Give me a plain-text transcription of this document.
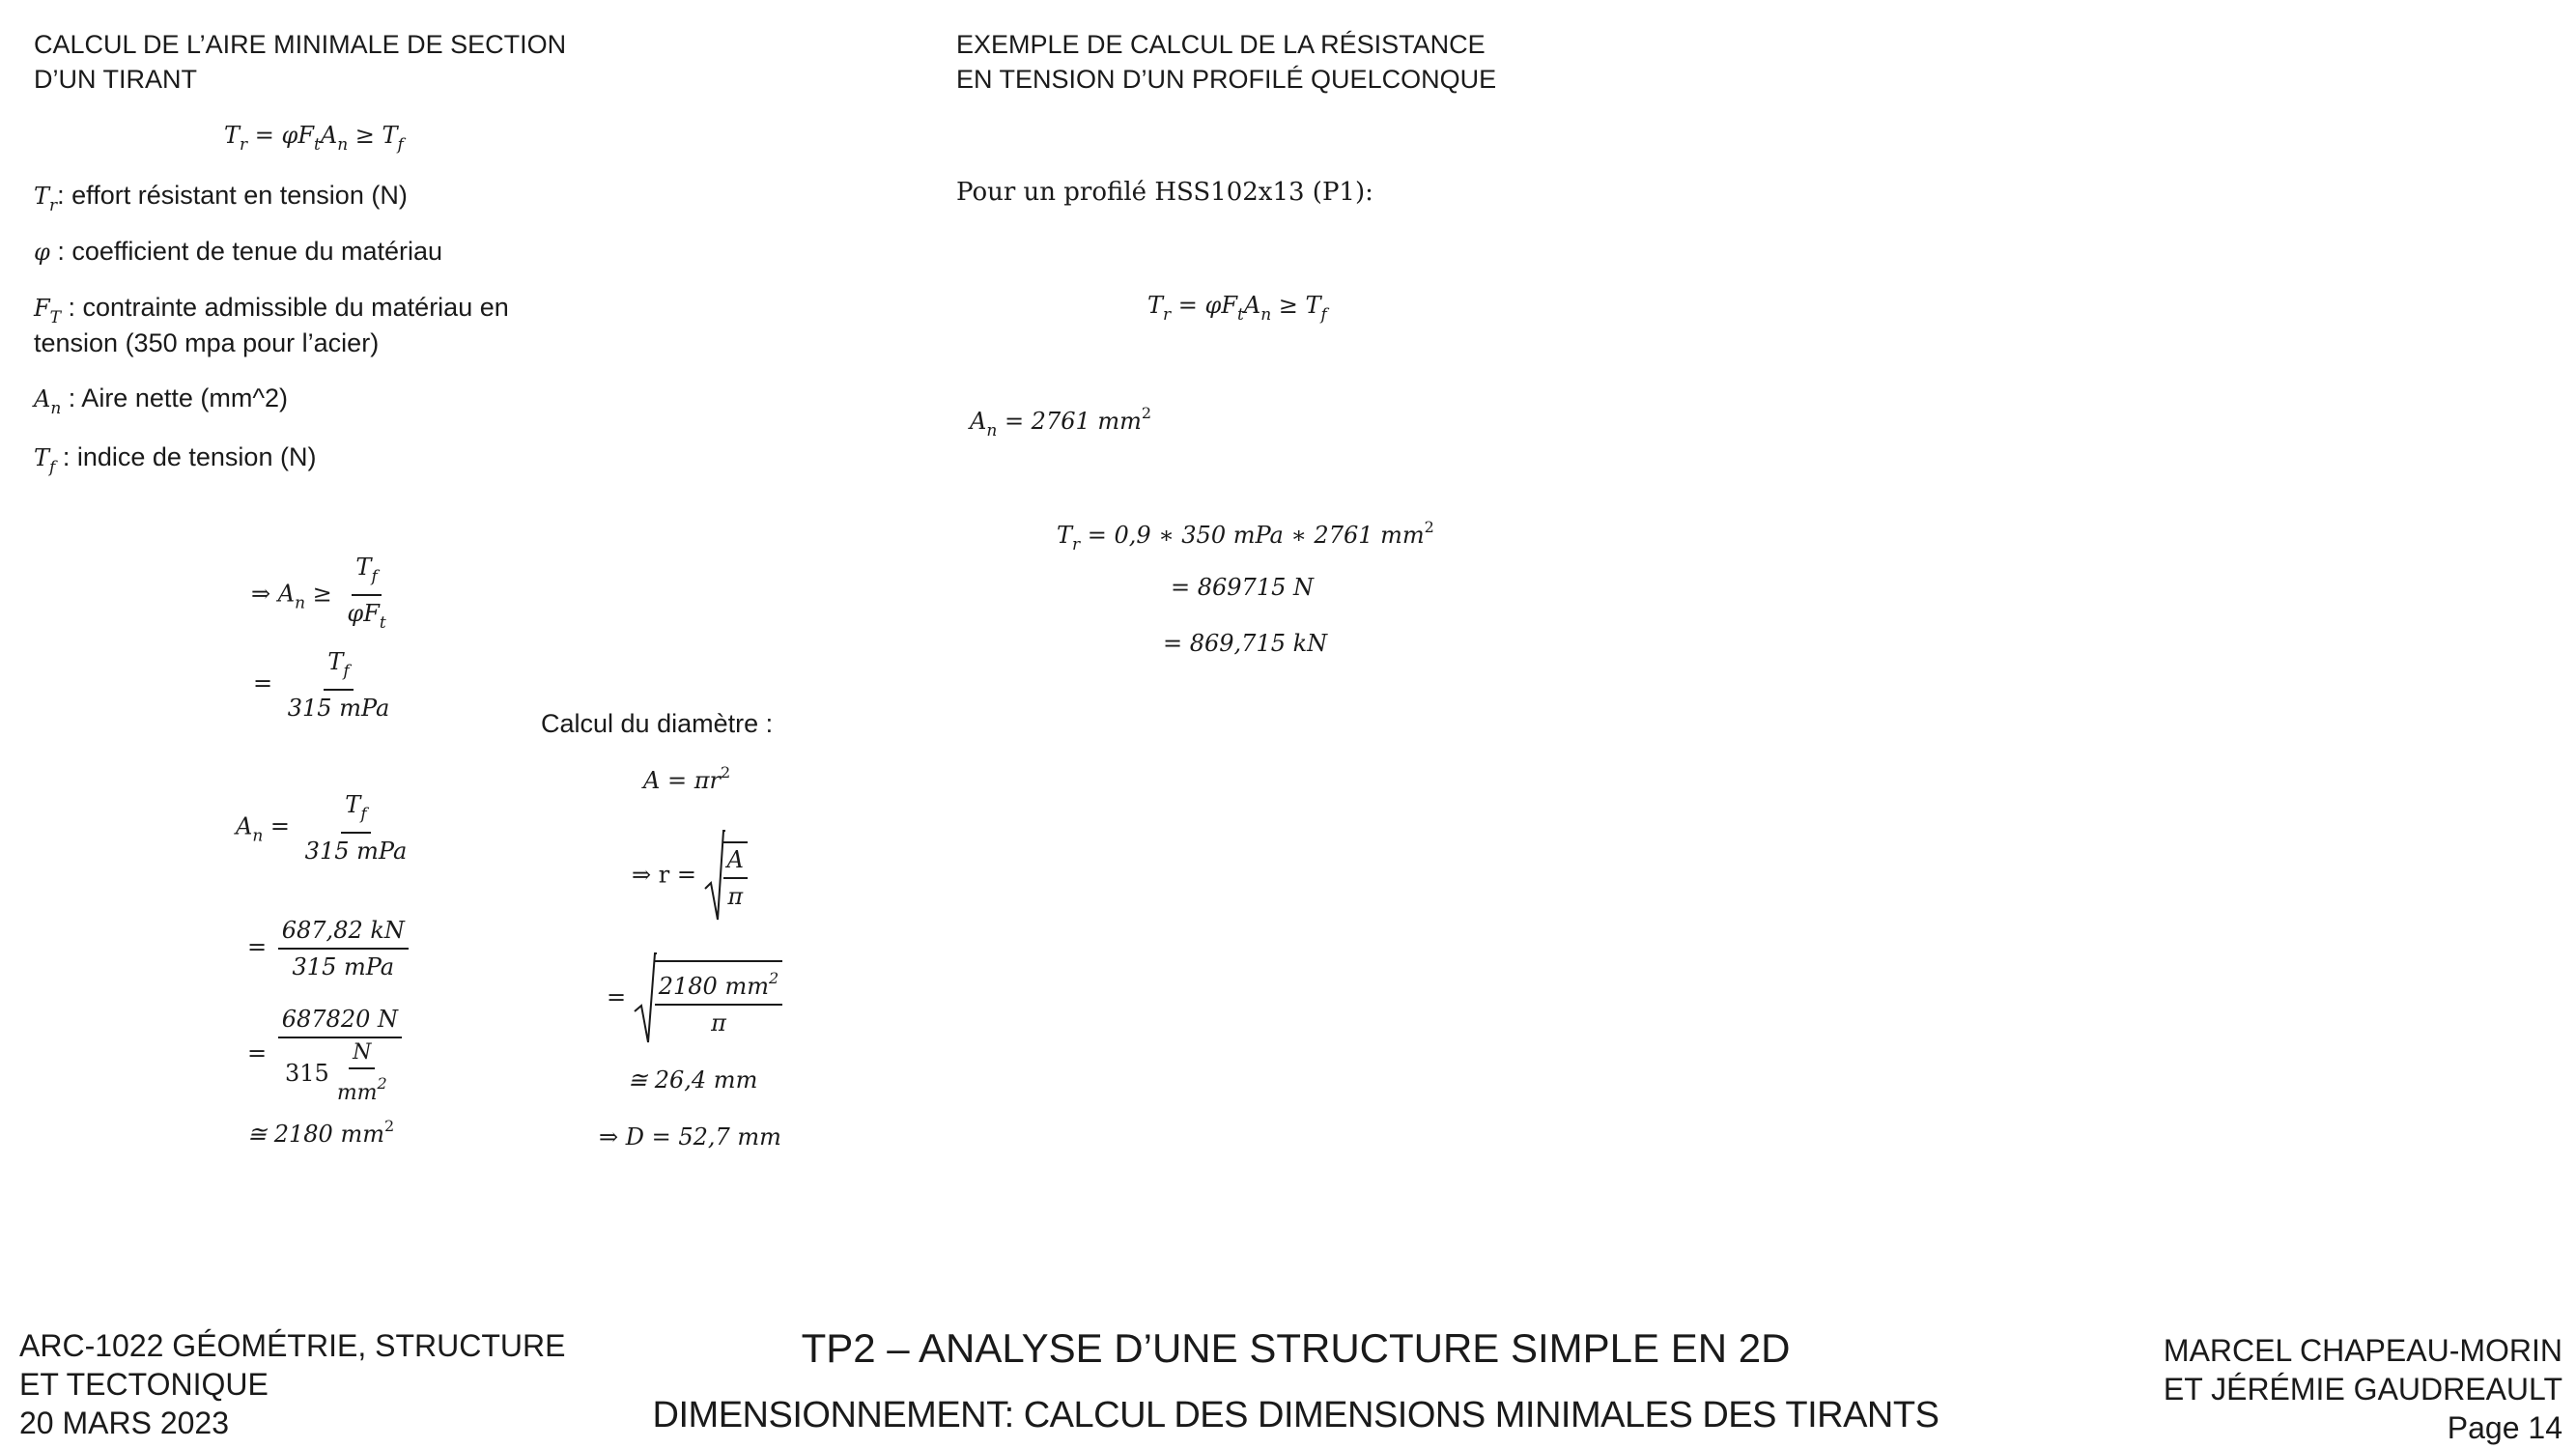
CALCUL DE L’AIRE MINIMALE DE SECTION
D’UN TIRANT
$T_r = \varphi F_tA_n \ge T_f$
$T_r$: effort résistant en tension (N)
φ : coefficient de tenue du matériau
$F_T$ : contrainte admissible du matériau en
tension (350 mpa pour l’acier)
$A_n$ : Aire nette (mm^2)
$T_f$ : indice de tension (N)
⇒ $A_n \ge \frac{T_f}{\varphi F_t}$
= $\frac{T_f}{\text{315 mPa}}$
$A_n = \frac{T_f}{\text{315 mPa}}$
= $\frac{687,82 kN}{\text{315 mPa}}$
= $\frac{687820 N}{315 \frac{N}{mm^2}}$
≅ 2180 $mm^2$
Calcul du diamètre :
$A = \pi r^2$
⇒ $r = \frac{A}{\pi}$
= $\frac{2180 mm^2}{\pi}$
≅ 26,4 mm
⇒ D = 52,7 mm
EXEMPLE DE CALCUL DE LA RÉSISTANCE
EN TENSION D’UN PROFILÉ QUELCONQUE
Pour un profilé HSS102x13 (P1):
$T_r = \varphi F_tA_n \ge T_f$
$A_n = 2761$ $mm^2$
$T_r = 0,9$ ∗ 350 mPa ∗ 2761 $mm^2$
= 869715 N
= 869,715 kN
ARC-1022 GÉOMÉTRIE, STRUCTURE
ET TECTONIQUE
20 MARS 2023
TP2 – ANALYSE D’UNE STRUCTURE SIMPLE EN 2D
DIMENSIONNEMENT: CALCUL DES DIMENSIONS MINIMALES DES TIRANTS
MARCEL CHAPEAU-MORIN
ET JÉRÉMIE GAUDREAULT
Page 14
